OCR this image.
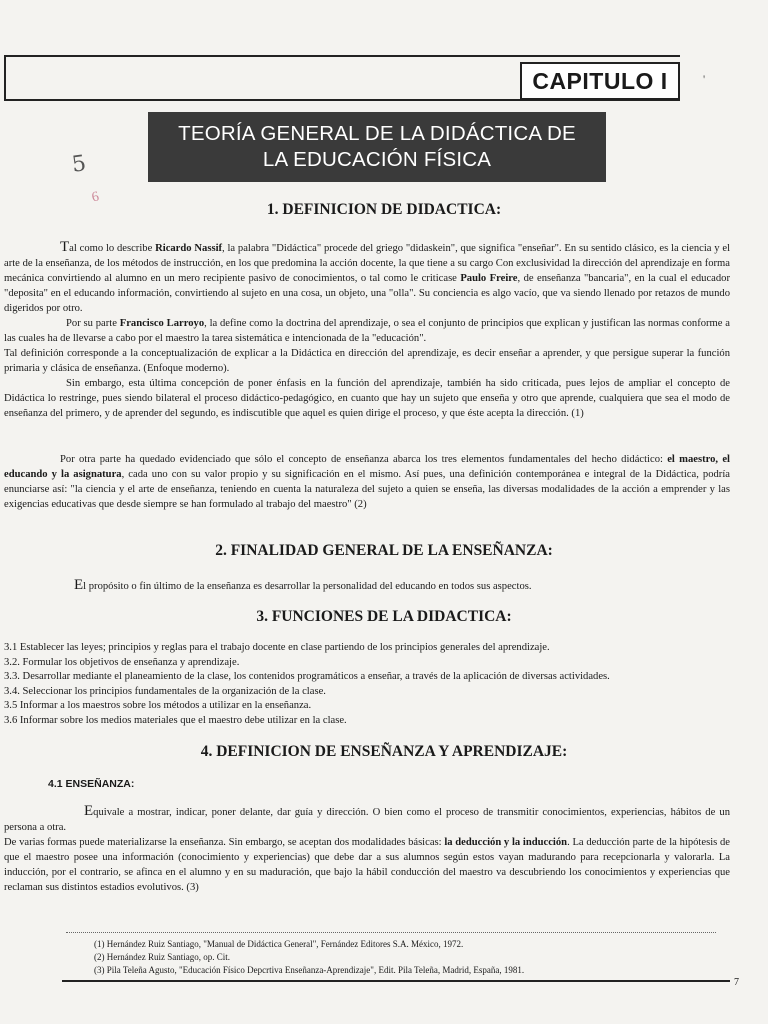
CAPITULO I	'
TEORÍA GENERAL DE LA DIDÁCTICA DE
LA EDUCACIÓN FÍSICA
5
6
1. DEFINICION DE DIDACTICA:

Tal como lo describe Ricardo Nassif, la palabra "Didáctica" procede del griego "didaskein", que significa "enseñar". En su sentido clásico, es la ciencia y el arte de la enseñanza, de los métodos de instrucción, en los que predomina la acción docente, la que tiene a su cargo Con exclusividad la dirección del aprendizaje en forma mecánica convirtiendo al alumno en un mero recipiente pasivo de conocimientos, o tal como le criticase Paulo Freire, de enseñanza "bancaria", en la cual el educador "deposita" en el educando información, convirtiendo al sujeto en una cosa, un objeto, una "olla". Su conciencia es algo vacío, que va siendo llenado por retazos de mundo digeridos por otro.

Por su parte Francisco Larroyo, la define como la doctrina del aprendizaje, o sea el conjunto de principios que explican y justifican las normas conforme a las cuales ha de llevarse a cabo por el maestro la tarea sistemática e intencionada de la "educación".

Tal definición corresponde a la conceptualización de explicar a la Didáctica en dirección del aprendizaje, es decir enseñar a aprender, y que persigue superar la función primaria y clásica de enseñanza. (Enfoque moderno).

Sin embargo, esta última concepción de poner énfasis en la función del aprendizaje, también ha sido criticada, pues lejos de ampliar el concepto de Didáctica lo restringe, pues siendo bilateral el proceso didáctico-pedagógico, en cuanto que hay un sujeto que enseña y otro que aprende, cualquiera que sea el modo de enseñanza del primero, y de aprender del segundo, es indiscutible que aquel es quien dirige el proceso, y que éste acepta la dirección. (1)

Por otra parte ha quedado evidenciado que sólo el concepto de enseñanza abarca los tres elementos fundamentales del hecho didáctico: el maestro, el educando y la asignatura, cada uno con su valor propio y su significación en el mismo. Así pues, una definición contemporánea e integral de la Didáctica, podría enunciarse así: "la ciencia y el arte de enseñanza, teniendo en cuenta la naturaleza del sujeto a quien se enseña, las diversas modalidades de la acción a emprender y las exigencias educativas que desde siempre se han formulado al trabajo del maestro" (2)

2. FINALIDAD GENERAL DE LA ENSEÑANZA:

El propósito o fin último de la enseñanza es desarrollar la personalidad del educando en todos sus aspectos.

3. FUNCIONES DE LA DIDACTICA:
3.1 Establecer las leyes; principios y reglas para el trabajo docente en clase partiendo de los principios generales del aprendizaje.
3.2. Formular los objetivos de enseñanza y aprendizaje.
3.3. Desarrollar mediante el planeamiento de la clase, los contenidos programáticos a enseñar, a través de la aplicación de diversas actividades.
3.4. Seleccionar los principios fundamentales de la organización de la clase.
3.5 Informar a los maestros sobre los métodos a utilizar en la enseñanza.
3.6 Informar sobre los medios materiales que el maestro debe utilizar en la clase.
4. DEFINICION DE ENSEÑANZA Y APRENDIZAJE:
4.1 ENSEÑANZA:

Equivale a mostrar, indicar, poner delante, dar guía y dirección. O bien como el proceso de transmitir conocimientos, experiencias, hábitos de un persona a otra.

De varias formas puede materializarse la enseñanza. Sin embargo, se aceptan dos modalidades básicas: la deducción y la inducción. La deducción parte de la hipótesis de que el maestro posee una información (conocimiento y experiencias) que debe dar a sus alumnos según estos vayan madurando para recepcionarla y valorarla. La inducción, por el contrario, se afinca en el alumno y en su maduración, que bajo la hábil conducción del maestro va descubriendo los conocimientos y experiencias que reclaman sus distintos estadios evolutivos. (3)

(1) Hernández Ruiz Santiago, "Manual de Didáctica General", Fernández Editores S.A. México, 1972.
(2) Hernández Ruiz Santiago, op. Cit.
(3) Pila Teleña Agusto, "Educación Físico Depcrtiva Enseñanza-Aprendizaje", Edit. Pila Teleña, Madrid, España, 1981.
7
